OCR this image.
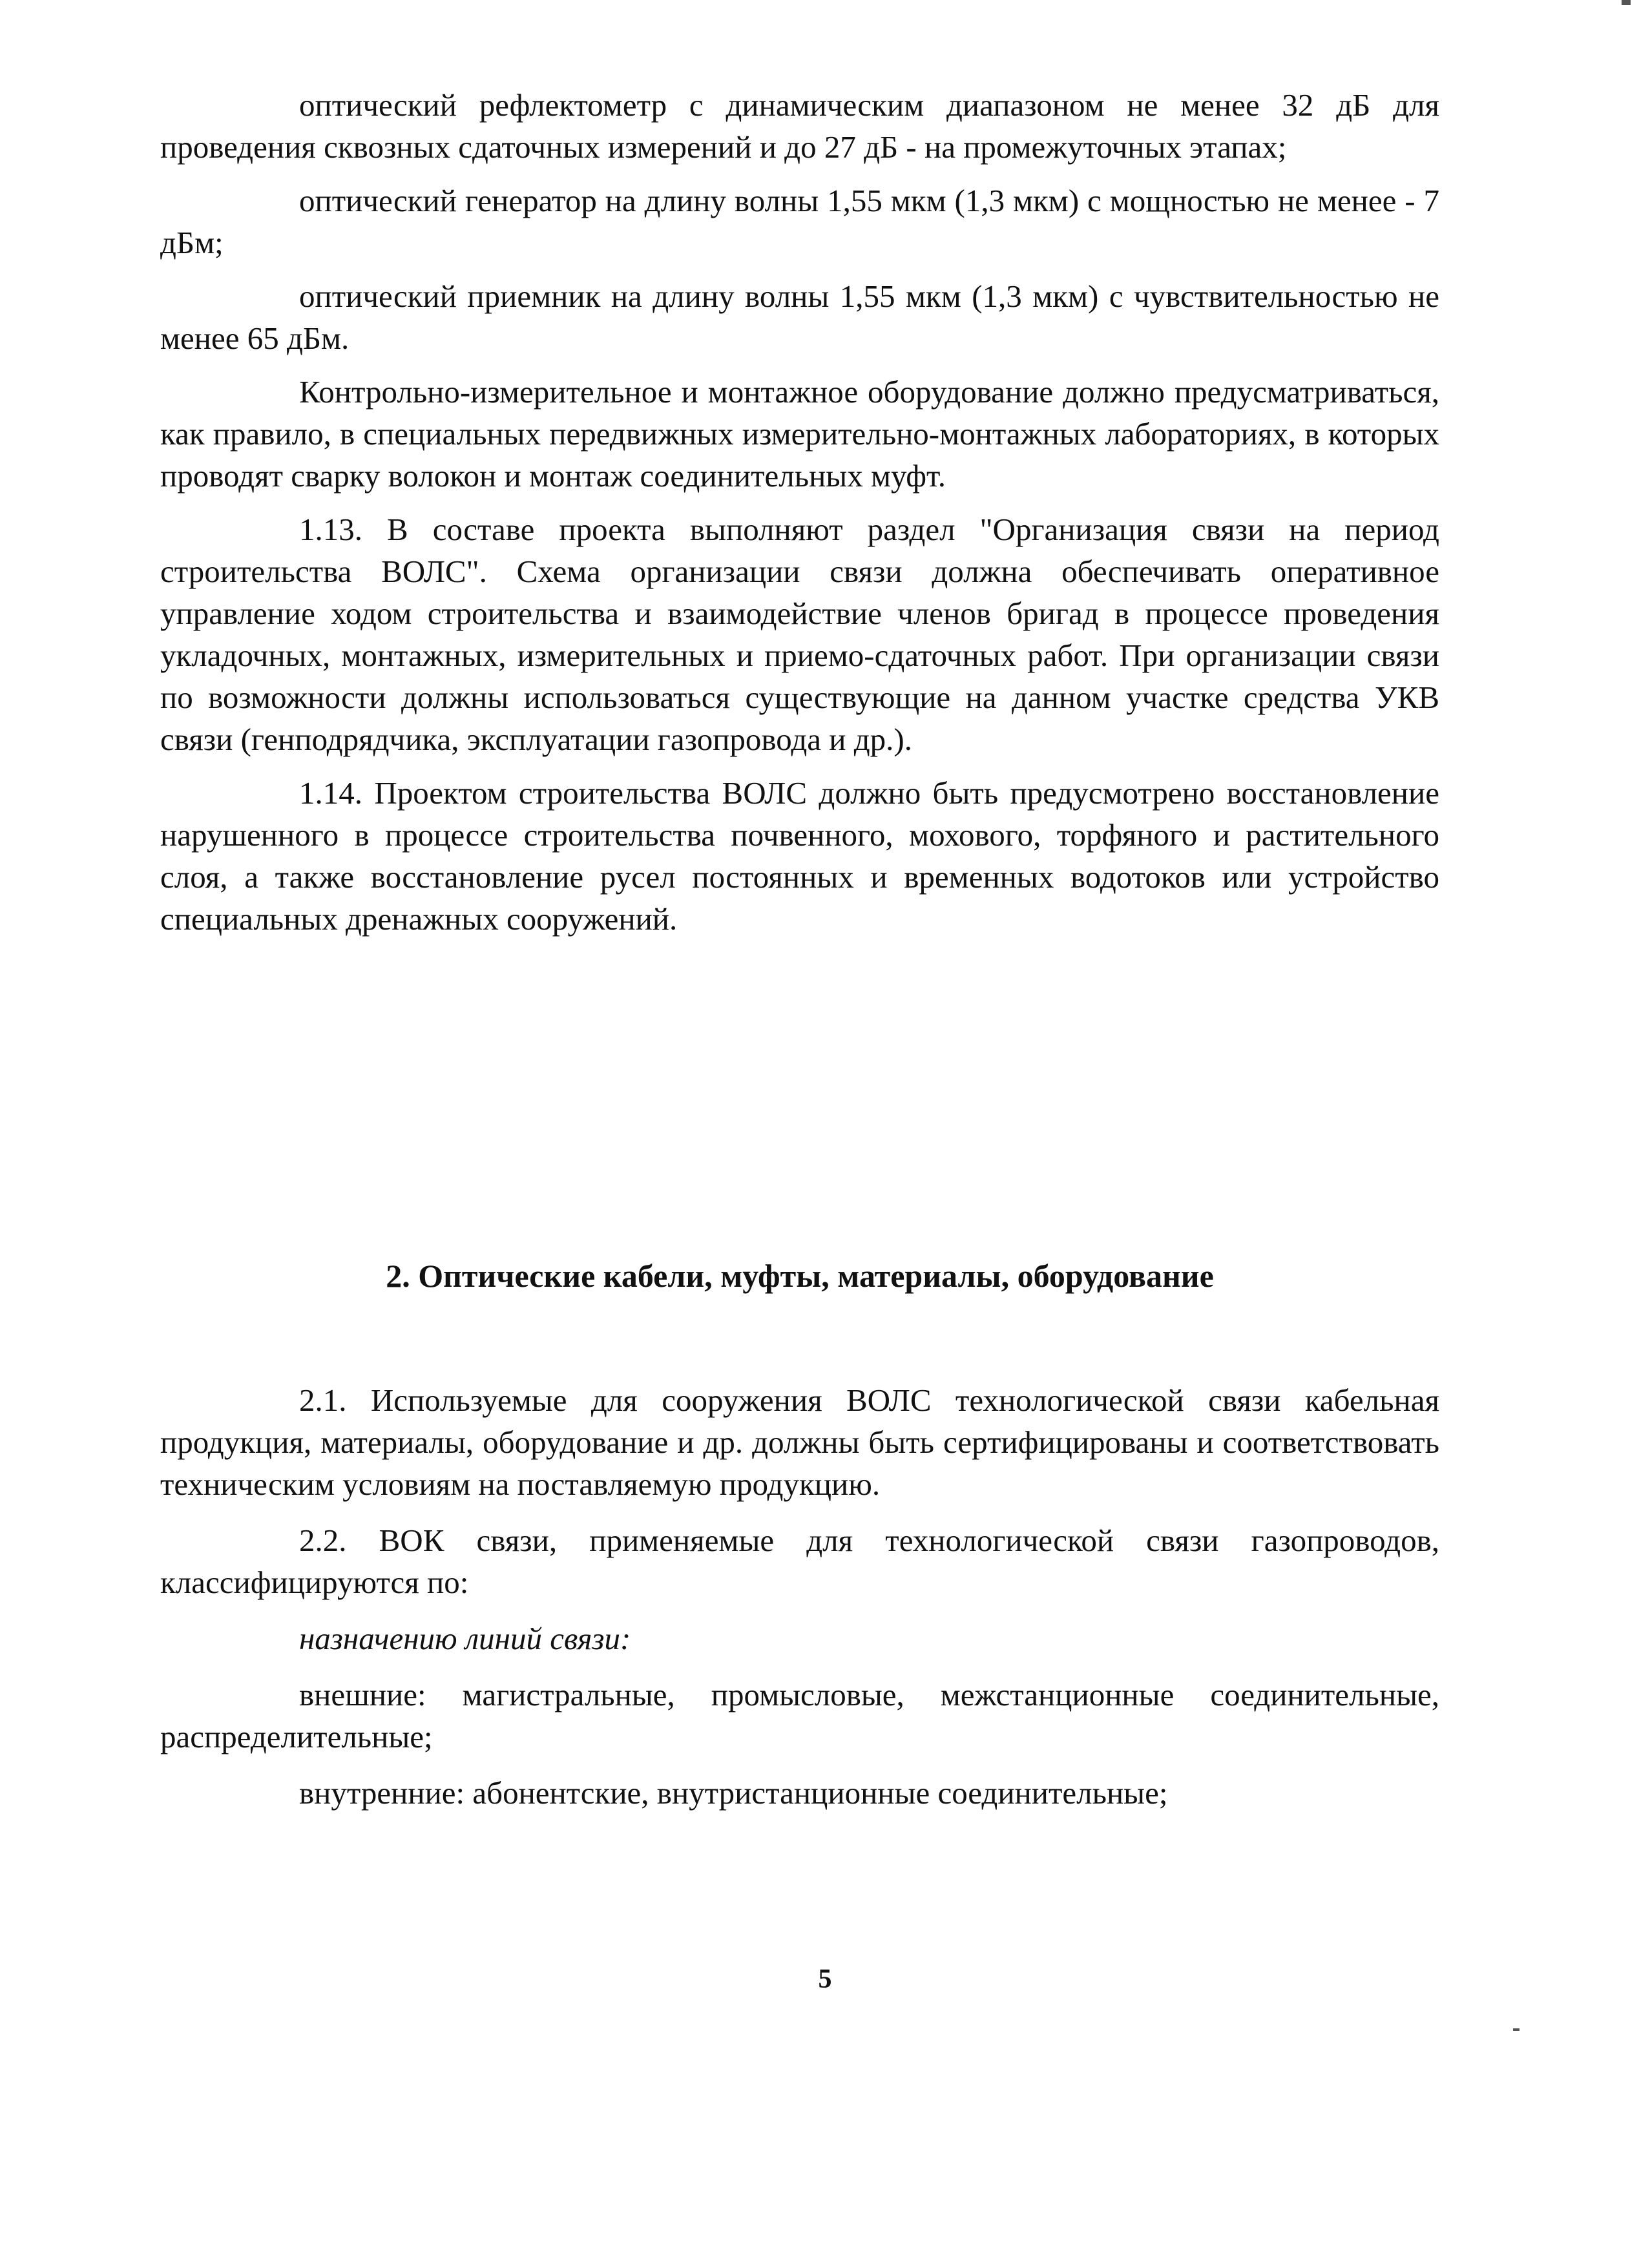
оптический рефлектометр с динамическим диапазоном не менее 32 дБ для проведения сквозных сдаточных измерений и до 27 дБ - на промежуточных этапах;

оптический генератор на длину волны 1,55 мкм (1,3 мкм) с мощностью не менее - 7 дБм;

оптический приемник на длину волны 1,55 мкм (1,3 мкм) с чувствительностью не менее 65 дБм.

Контрольно-измерительное и монтажное оборудование должно предусматриваться, как правило, в специальных передвижных измерительно-монтажных лабораториях, в которых проводят сварку волокон и монтаж соединительных муфт.

1.13. В составе проекта выполняют раздел "Организация связи на период строительства ВОЛС". Схема организации связи должна обеспечивать оперативное управление ходом строительства и взаимодействие членов бригад в процессе проведения укладочных, монтажных, измерительных и приемо-сдаточных работ. При организации связи по возможности должны использоваться существующие на данном участке средства УКВ связи (генподрядчика, эксплуатации газопровода и др.).

1.14. Проектом строительства ВОЛС должно быть предусмотрено восстановление нарушенного в процессе строительства почвенного, мохового, торфяного и растительного слоя, а также восстановление русел постоянных и временных водотоков или устройство специальных дренажных сооружений.

2. Оптические кабели, муфты, материалы, оборудование

2.1. Используемые для сооружения ВОЛС технологической связи кабельная продукция, материалы, оборудование и др. должны быть сертифицированы и соответствовать техническим условиям на поставляемую продукцию.

2.2. ВОК связи, применяемые для технологической связи газопроводов, классифицируются по:

назначению линий связи:

внешние: магистральные, промысловые, межстанционные соединительные, распределительные;

внутренние: абонентские, внутристанционные соединительные;

5
